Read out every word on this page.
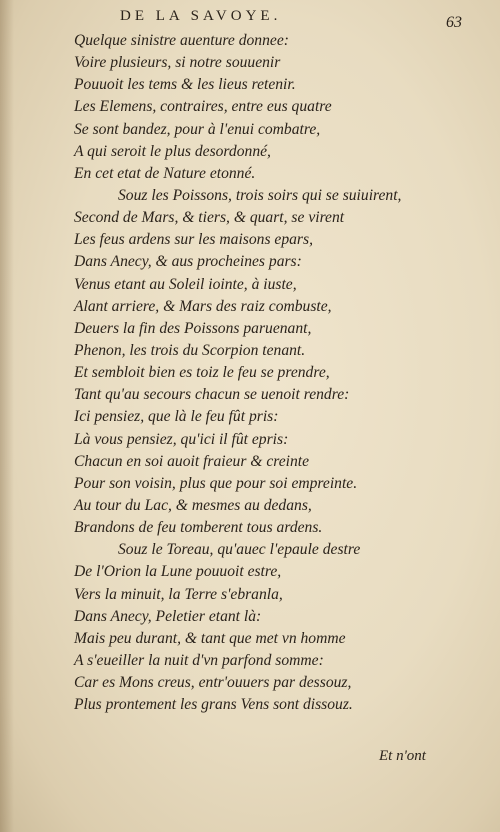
DE LA SAVOYE.	63
Quelque sinistre auenture donnee:
Voire plusieurs, si notre souuenir
Pouuoit les tems & les lieus retenir.
Les Elemens, contraires, entre eus quatre
Se sont bandez, pour à l'enui combatre,
A qui seroit le plus desordonné,
En cet etat de Nature etonné.
Souz les Poissons, trois soirs qui se suiuirent,
Second de Mars, & tiers, & quart, se virent
Les feus ardens sur les maisons epars,
Dans Anecy, & aus procheines pars:
Venus etant au Soleil iointe, à iuste,
Alant arriere, & Mars des raiz combuste,
Deuers la fin des Poissons paruenant,
Phenon, les trois du Scorpion tenant.
Et sembloit bien es toiz le feu se prendre,
Tant qu'au secours chacun se uenoit rendre:
Ici pensiez, que là le feu fût pris:
Là vous pensiez, qu'ici il fût epris:
Chacun en soi auoit fraieur & creinte
Pour son voisin, plus que pour soi empreinte.
Au tour du Lac, & mesmes au dedans,
Brandons de feu tomberent tous ardens.
Souz le Toreau, qu'auec l'epaule destre
De l'Orion la Lune pouuoit estre,
Vers la minuit, la Terre s'ebranla,
Dans Anecy, Peletier etant là:
Mais peu durant, & tant que met vn homme
A s'eueiller la nuit d'vn parfond somme:
Car es Mons creus, entr'ouuers par dessouz,
Plus prontement les grans Vens sont dissouz.
Et n'ont
